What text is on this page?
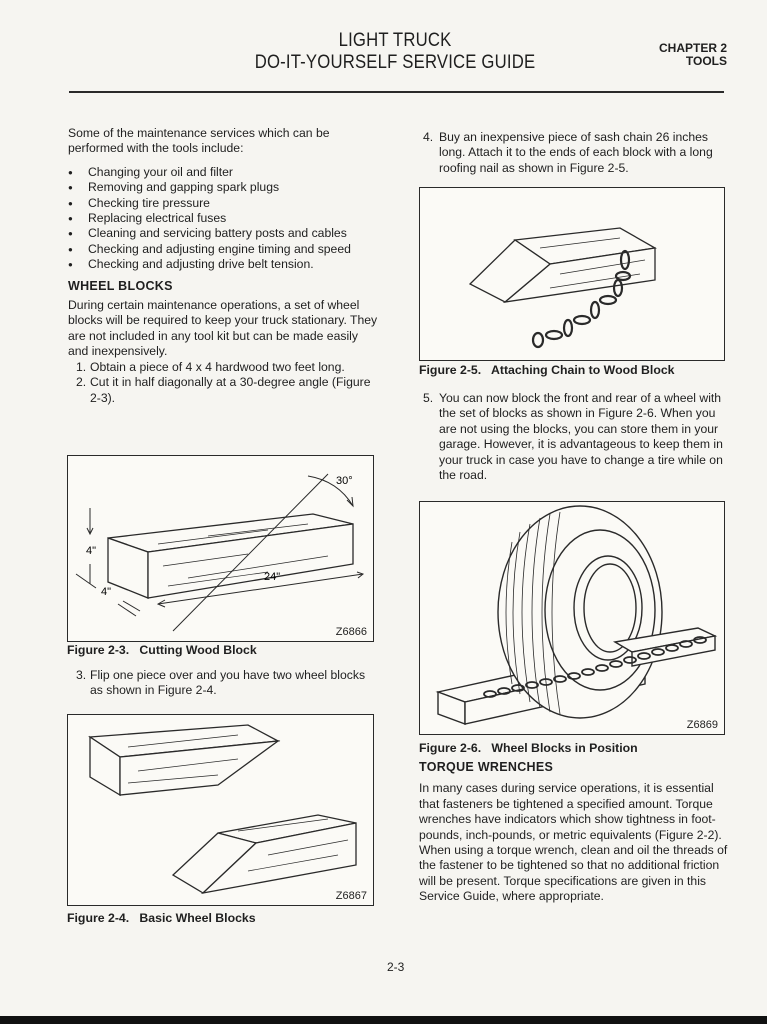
LIGHT TRUCK
DO-IT-YOURSELF SERVICE GUIDE
CHAPTER 2
TOOLS

Some of the maintenance services which can be performed with the tools include:

● Changing your oil and filter
● Removing and gapping spark plugs
● Checking tire pressure
● Replacing electrical fuses
● Cleaning and servicing battery posts and cables
● Checking and adjusting engine timing and speed
● Checking and adjusting drive belt tension.
WHEEL BLOCKS

During certain maintenance operations, a set of wheel blocks will be required to keep your truck stationary. They are not included in any tool kit but can be made easily and inexpensively.

1. Obtain a piece of 4 x 4 hardwood two feet long.
2. Cut it in half diagonally at a 30-degree angle (Figure 2-3).
30°
4"
4"
24"
Z6866
Figure 2-3.   Cutting Wood Block
3. Flip one piece over and you have two wheel blocks as shown in Figure 2-4.
Z6867
Figure 2-4.   Basic Wheel Blocks
4. Buy an inexpensive piece of sash chain 26 inches long. Attach it to the ends of each block with a long roofing nail as shown in Figure 2-5.
Figure 2-5.   Attaching Chain to Wood Block
5. You can now block the front and rear of a wheel with the set of blocks as shown in Figure 2-6. When you are not using the blocks, you can store them in your garage. However, it is advantageous to keep them in your truck in case you have to change a tire while on the road.
Z6869
Figure 2-6.   Wheel Blocks in Position
TORQUE WRENCHES

In many cases during service operations, it is essential that fasteners be tightened a specified amount. Torque wrenches have indicators which show tightness in foot-pounds, inch-pounds, or metric equivalents (Figure 2-2). When using a torque wrench, clean and oil the threads of the fastener to be tightened so that no additional friction will be present. Torque specifications are given in this Service Guide, where appropriate.

2-3
